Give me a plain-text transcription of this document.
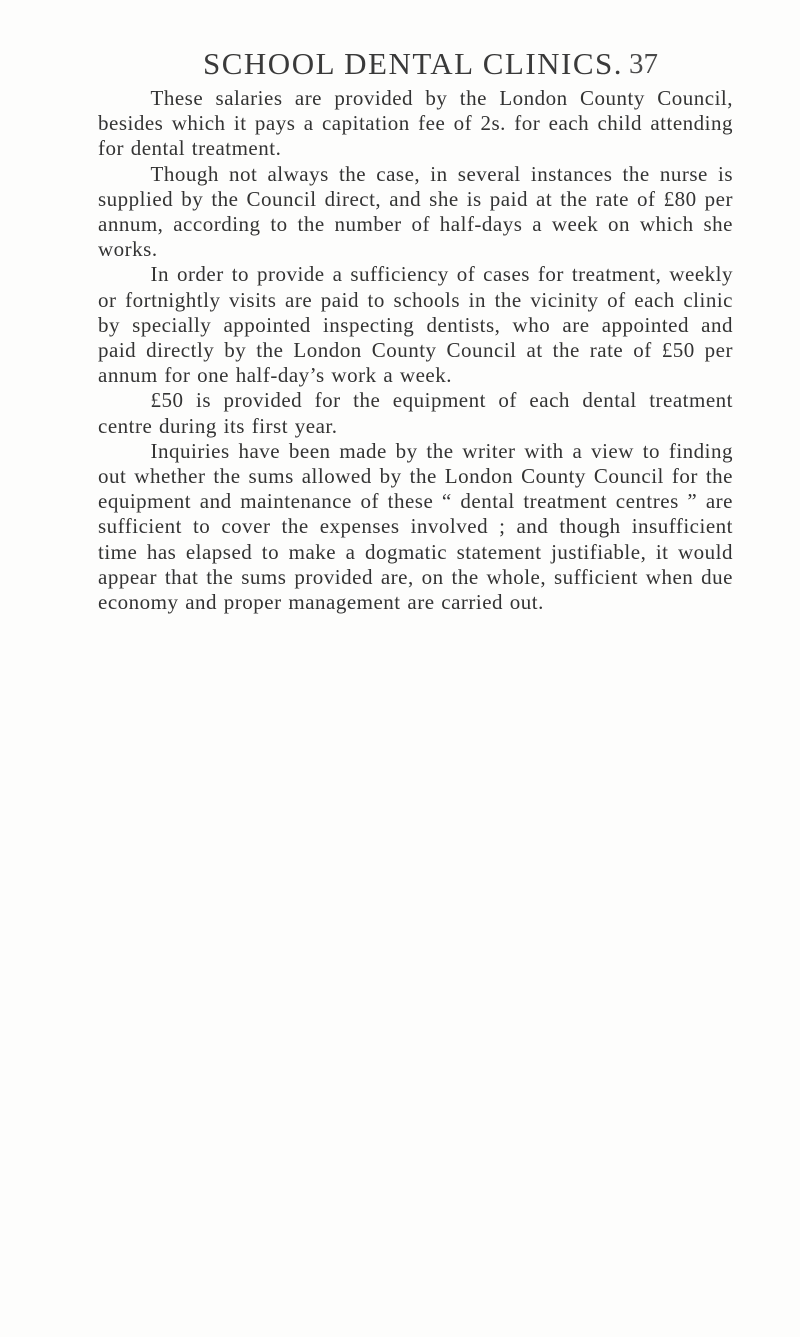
SCHOOL DENTAL CLINICS. 37

These salaries are provided by the London County Council, besides which it pays a capitation fee of 2s. for each child attending for dental treatment.

Though not always the case, in several instances the nurse is supplied by the Council direct, and she is paid at the rate of £80 per annum, according to the number of half-days a week on which she works.

In order to provide a sufficiency of cases for treatment, weekly or fortnightly visits are paid to schools in the vicinity of each clinic by specially appointed inspecting dentists, who are appointed and paid directly by the London County Council at the rate of £50 per annum for one half-day’s work a week.

£50 is provided for the equipment of each dental treatment centre during its first year.

Inquiries have been made by the writer with a view to finding out whether the sums allowed by the London County Council for the equipment and maintenance of these “ dental treatment centres ” are sufficient to cover the expenses involved ; and though insufficient time has elapsed to make a dogmatic statement justifiable, it would appear that the sums provided are, on the whole, sufficient when due economy and proper management are carried out.
